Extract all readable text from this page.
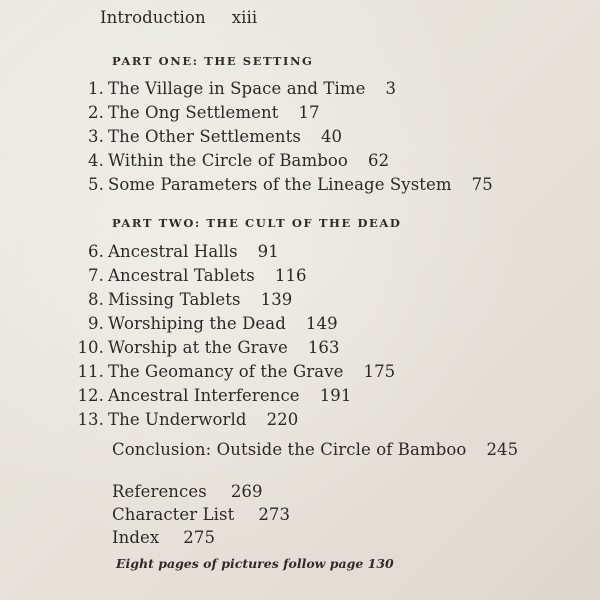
Introduction xiii
PART ONE: THE SETTING
1. The Village in Space and Time 3
2. The Ong Settlement 17
3. The Other Settlements 40
4. Within the Circle of Bamboo 62
5. Some Parameters of the Lineage System 75
PART TWO: THE CULT OF THE DEAD
6. Ancestral Halls 91
7. Ancestral Tablets 116
8. Missing Tablets 139
9. Worshiping the Dead 149
10. Worship at the Grave 163
11. The Geomancy of the Grave 175
12. Ancestral Interference 191
13. The Underworld 220
Conclusion: Outside the Circle of Bamboo 245
References 269
Character List 273
Index 275
Eight pages of pictures follow page 130
